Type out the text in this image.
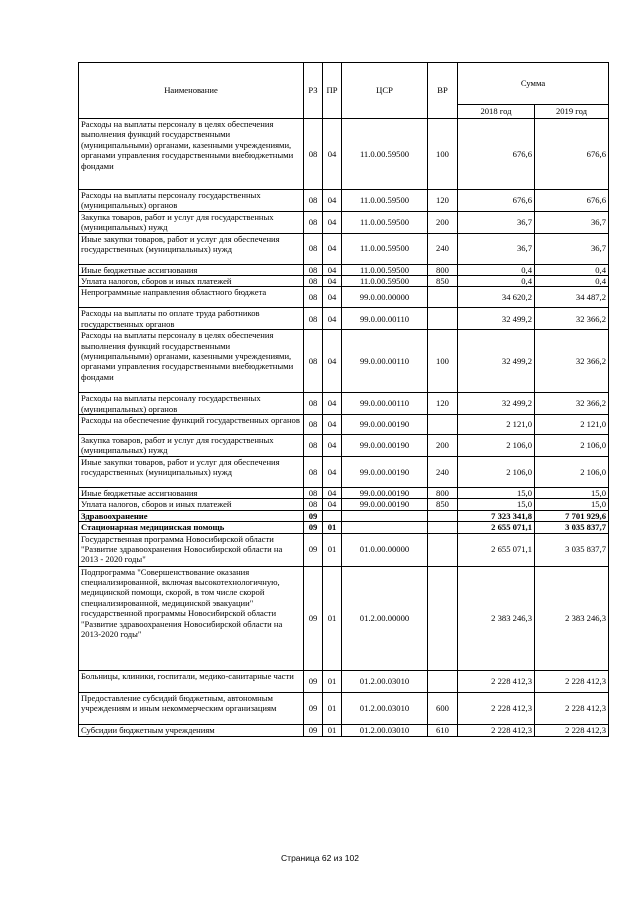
Наименование	РЗ	ПР	ЦСР	ВР	Сумма	
					2018 год	2019 год
Расходы на выплаты персоналу в целях обеспечения выполнения функций государственными (муниципальными) органами, казенными учреждениями, органами управления государственными внебюджетными фондами	08	04	11.0.00.59500	100	676,6	676,6
Расходы на выплаты персоналу государственных (муниципальных) органов	08	04	11.0.00.59500	120	676,6	676,6
Закупка товаров, работ и услуг для государственных (муниципальных) нужд	08	04	11.0.00.59500	200	36,7	36,7
Иные закупки товаров, работ и услуг для обеспечения государственных (муниципальных) нужд	08	04	11.0.00.59500	240	36,7	36,7
Иные бюджетные ассигнования	08	04	11.0.00.59500	800	0,4	0,4
Уплата налогов, сборов и иных платежей	08	04	11.0.00.59500	850	0,4	0,4
Непрограммные направления областного бюджета	08	04	99.0.00.00000		34 620,2	34 487,2
Расходы на выплаты по оплате труда работников государственных органов	08	04	99.0.00.00110		32 499,2	32 366,2
Расходы на выплаты персоналу в целях обеспечения выполнения функций государственными (муниципальными) органами, казенными учреждениями, органами управления государственными внебюджетными фондами	08	04	99.0.00.00110	100	32 499,2	32 366,2
Расходы на выплаты персоналу государственных (муниципальных) органов	08	04	99.0.00.00110	120	32 499,2	32 366,2
Расходы на обеспечение функций государственных органов	08	04	99.0.00.00190		2 121,0	2 121,0
Закупка товаров, работ и услуг для государственных (муниципальных) нужд	08	04	99.0.00.00190	200	2 106,0	2 106,0
Иные закупки товаров, работ и услуг для обеспечения государственных (муниципальных) нужд	08	04	99.0.00.00190	240	2 106,0	2 106,0
Иные бюджетные ассигнования	08	04	99.0.00.00190	800	15,0	15,0
Уплата налогов, сборов и иных платежей	08	04	99.0.00.00190	850	15,0	15,0
Здравоохранение	09				7 323 341,8	7 701 929,6
Стационарная медицинская помощь	09	01			2 655 071,1	3 035 837,7
Государственная программа Новосибирской области "Развитие здравоохранения Новосибирской области на 2013 - 2020 годы"	09	01	01.0.00.00000		2 655 071,1	3 035 837,7
Подпрограмма "Совершенствование оказания специализированной, включая высокотехнологичную, медицинской помощи, скорой, в том числе скорой специализированной, медицинской эвакуации" государственной программы Новосибирской области "Развитие здравоохранения Новосибирской области на 2013-2020 годы"	09	01	01.2.00.00000		2 383 246,3	2 383 246,3
Больницы, клиники, госпитали, медико-санитарные части	09	01	01.2.00.03010		2 228 412,3	2 228 412,3
Предоставление субсидий бюджетным, автономным учреждениям и иным некоммерческим организациям	09	01	01.2.00.03010	600	2 228 412,3	2 228 412,3
Субсидии бюджетным учреждениям	09	01	01.2.00.03010	610	2 228 412,3	2 228 412,3
Страница 62 из 102
